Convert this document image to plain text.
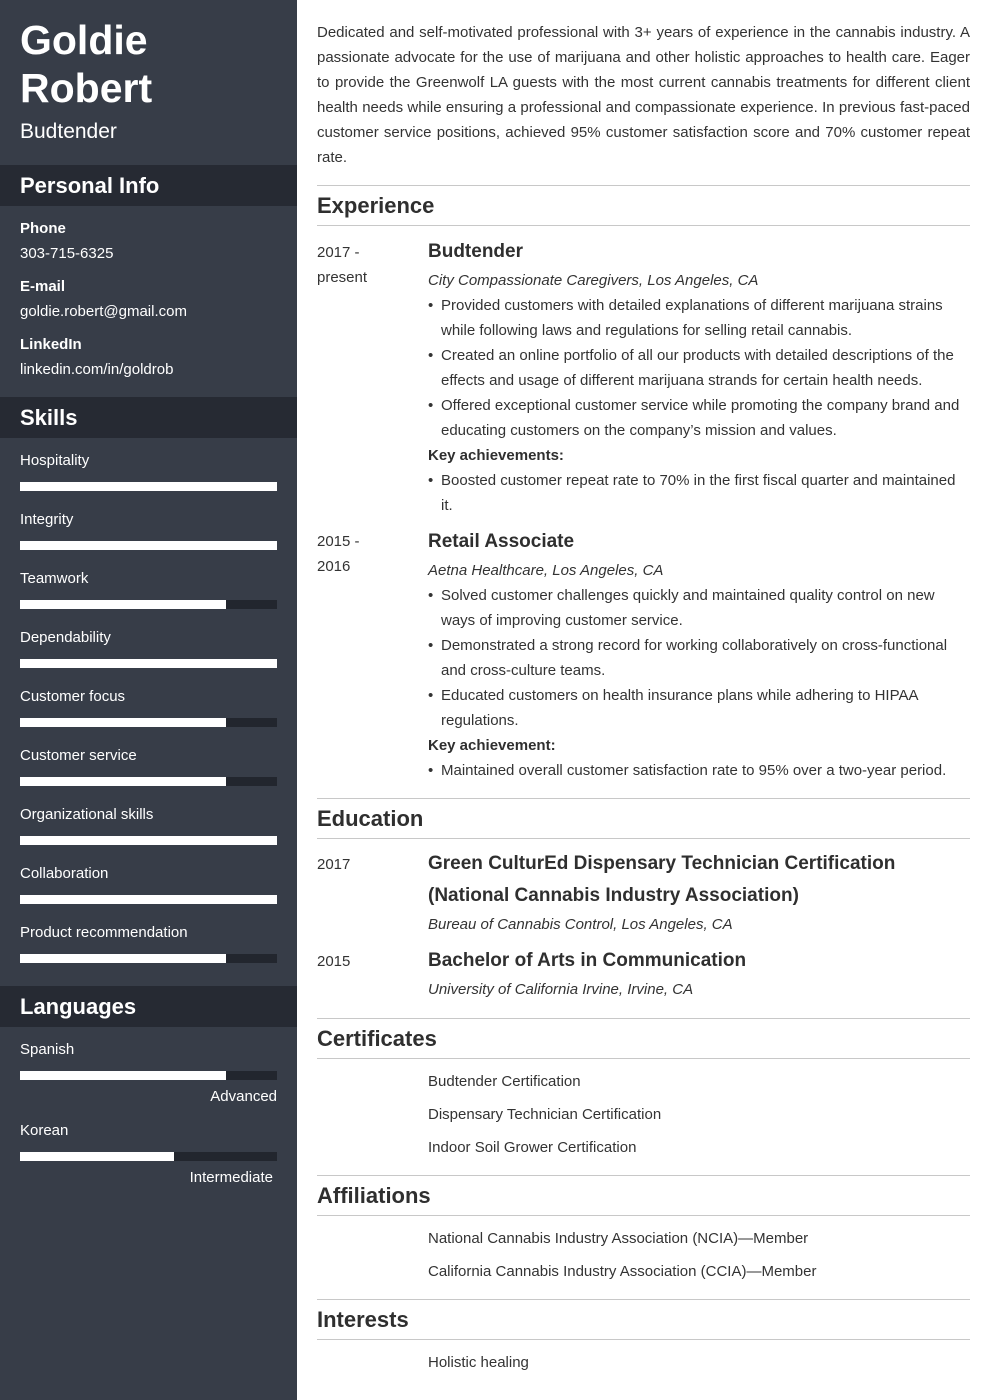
Goldie
Robert
Budtender
Personal Info
Phone
303-715-6325
E-mail
goldie.robert@gmail.com
LinkedIn
linkedin.com/in/goldrob
Skills
Hospitality
Integrity
Teamwork
Dependability
Customer focus
Customer service
Organizational skills
Collaboration
Product recommendation
Languages
Spanish
Advanced
Korean
Intermediate

Dedicated and self-motivated professional with 3+ years of experience in the cannabis industry. A passionate advocate for the use of marijuana and other holistic approaches to health care. Eager to provide the Greenwolf LA guests with the most current cannabis treatments for different client health needs while ensuring a professional and compassionate experience. In previous fast-paced customer service positions, achieved 95% customer satisfaction score and 70% customer repeat rate.

Experience
2017 -
present
Budtender
City Compassionate Caregivers, Los Angeles, CA
• Provided customers with detailed explanations of different marijuana strains while following laws and regulations for selling retail cannabis.
• Created an online portfolio of all our products with detailed descriptions of the effects and usage of different marijuana strands for certain health needs.
• Offered exceptional customer service while promoting the company brand and educating customers on the company’s mission and values.
Key achievements:
• Boosted customer repeat rate to 70% in the first fiscal quarter and maintained it.
2015 -
2016
Retail Associate
Aetna Healthcare, Los Angeles, CA
• Solved customer challenges quickly and maintained quality control on new ways of improving customer service.
• Demonstrated a strong record for working collaboratively on cross-functional and cross-culture teams.
• Educated customers on health insurance plans while adhering to HIPAA regulations.
Key achievement:
• Maintained overall customer satisfaction rate to 95% over a two-year period.
Education
2017	Green CulturEd Dispensary Technician Certification
(National Cannabis Industry Association)
Bureau of Cannabis Control, Los Angeles, CA
2015	Bachelor of Arts in Communication
University of California Irvine, Irvine, CA
Certificates
Budtender Certification
Dispensary Technician Certification
Indoor Soil Grower Certification
Affiliations
National Cannabis Industry Association (NCIA)—Member
California Cannabis Industry Association (CCIA)—Member
Interests
Holistic healing
